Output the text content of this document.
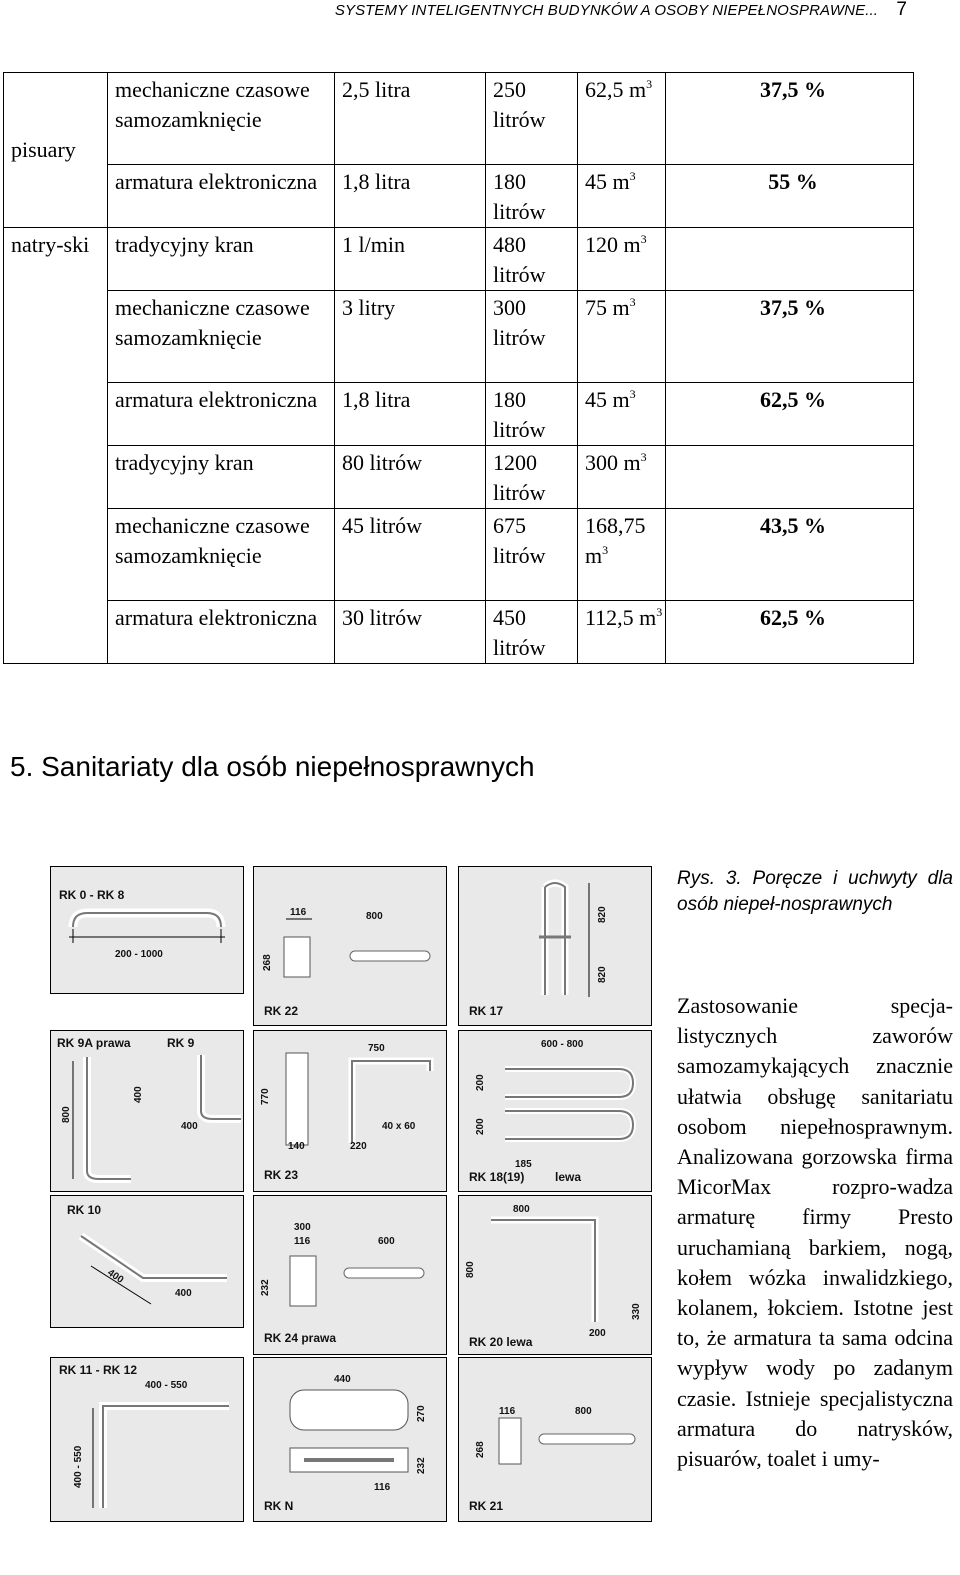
SYSTEMY INTELIGENTNYCH BUDYNKÓW A OSOBY NIEPEŁNOSPRAWNE... 7
pisuary	mechaniczne czasowe samozamknięcie	2,5 litra	250 litrów	62,5 $m^3$	37,5 %
	armatura elektroniczna	1,8 litra	180 litrów	45 $m^3$	55 %
natry-ski	tradycyjny kran	1 l/min	480 litrów	120 $m^3$	
	mechaniczne czasowe samozamknięcie	3 litry	300 litrów	75 $m^3$	37,5 %
	armatura elektroniczna	1,8 litra	180 litrów	45 $m^3$	62,5 %
	tradycyjny kran	80 litrów	1200 litrów	300 $m^3$	
	mechaniczne czasowe samozamknięcie	45 litrów	675 litrów	168,75 $m^3$	43,5 %
	armatura elektroniczna	30 litrów	450 litrów	112,5 $m^3$	62,5 %
5. Sanitariaty dla osób niepełnosprawnych
RK 0 - RK 8
200 - 1000
RK 9A prawa	RK 9
800
400
400
RK 10
400
400
RK 11 - RK 12
400 - 550
400 - 550
116	800
268
RK 22
750
770
140	220
40 x 60
RK 23
300
116	600
232
RK 24 prawa
440
270
232
116
RK N
820
820
RK 17
600 - 800
200
200
185
RK 18(19)	lewa
800
800
330
200
RK 20 lewa
116	800
268
RK 21
Rys. 3. Poręcze i uchwyty dla osób niepeł-nosprawnych
Zastosowanie specja-listycznych zaworów samozamykających znacznie ułatwia obsługę sanitariatu osobom niepełnosprawnym. Analizowana gorzowska firma MicorMax rozpro-wadza armaturę firmy Presto uruchamianą barkiem, nogą, kołem wózka inwalidzkiego, kolanem, łokciem. Istotne jest to, że armatura ta sama odcina wypływ wody po zadanym czasie. Istnieje specjalistyczna armatura do natrysków, pisuarów, toalet i umy-
